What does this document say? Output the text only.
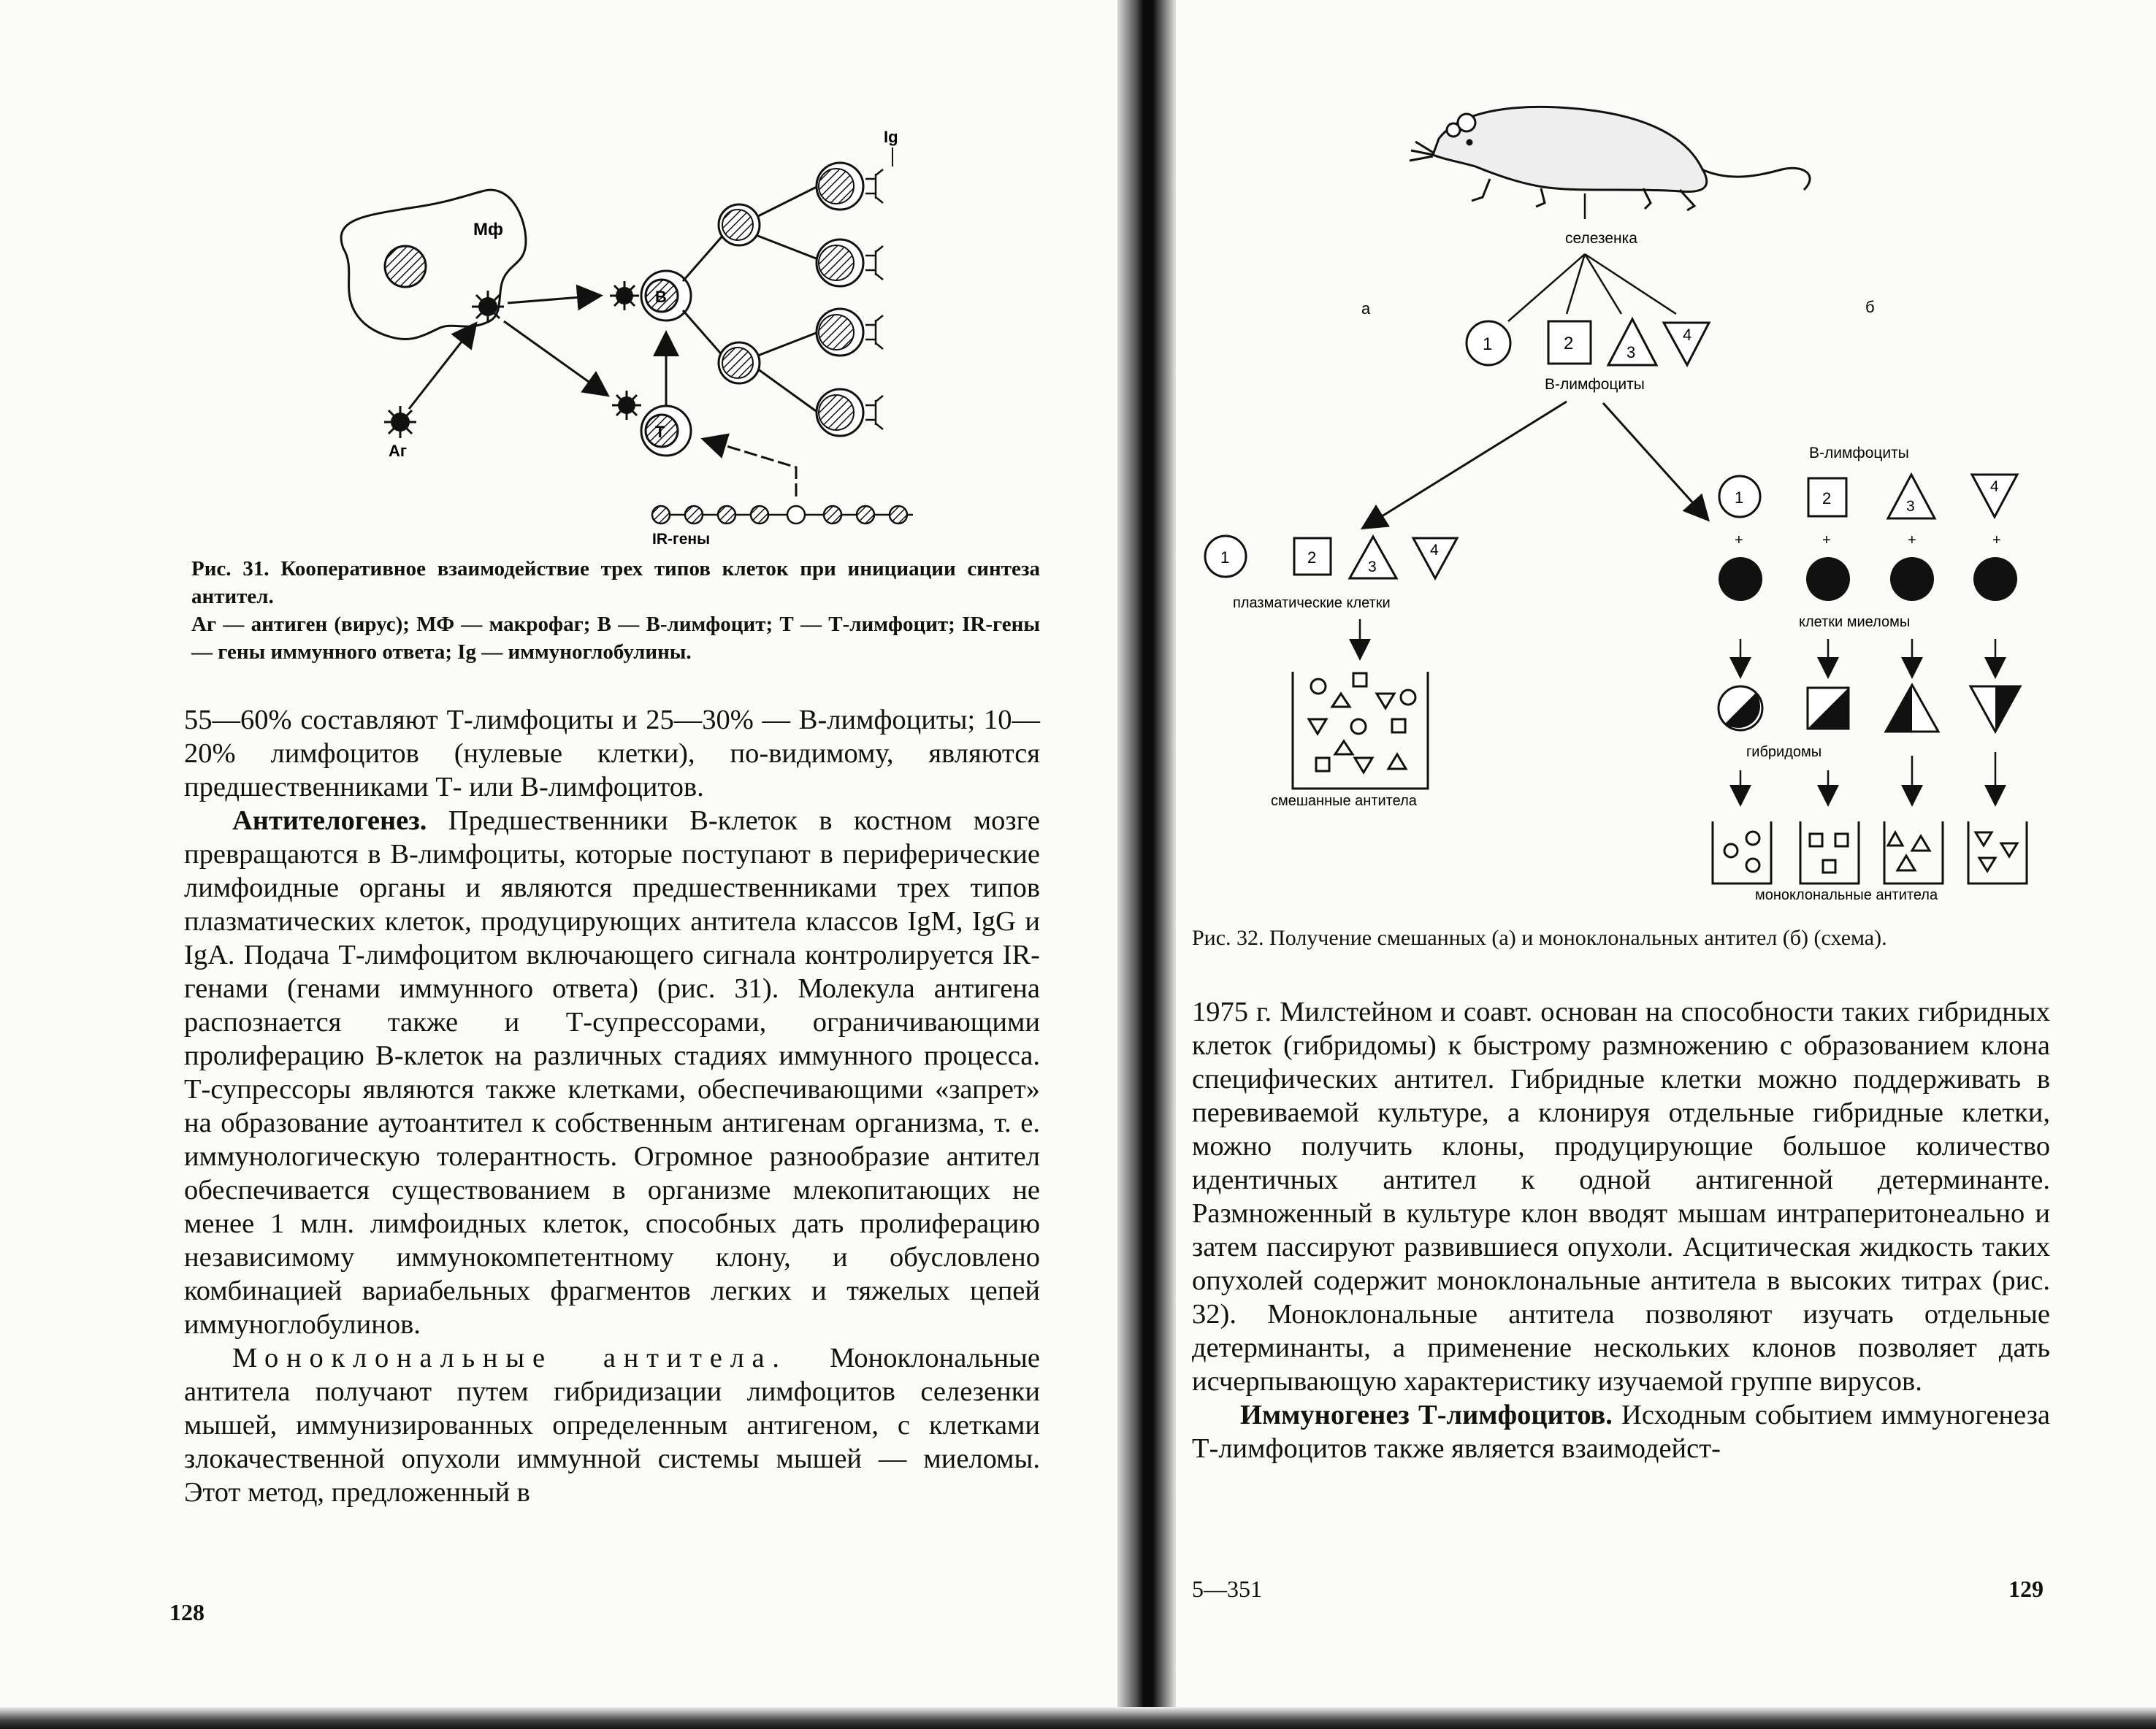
Мф
Аг
В
Т
Ig
IR-гены
Рис. 31. Кооперативное взаимодействие трех типов клеток при инициации синтеза антител.
Аг — антиген (вирус); МФ — макрофаг; В — В-лимфоцит; Т — Т-лимфоцит; IR-гены — гены иммунного ответа; Ig — иммуноглобулины.

55—60% составляют Т-лимфоциты и 25—30% — В-лимфоциты; 10—20% лимфоцитов (нулевые клетки), по-видимому, являются предшественниками Т- или В-лимфоцитов.

Антителогенез. Предшественники В-клеток в костном мозге превращаются в В-лимфоциты, которые поступают в периферические лимфоидные органы и являются предшественниками трех типов плазматических клеток, продуцирующих антитела классов IgM, IgG и IgA. Подача Т-лимфоцитом включающего сигнала контролируется IR-генами (генами иммунного ответа) (рис. 31). Молекула антигена распознается также и Т-супрессорами, ограничивающими пролиферацию В-клеток на различных стадиях иммунного процесса. Т-супрессоры являются также клетками, обеспечивающими «запрет» на образование аутоантител к собственным антигенам организма, т. е. иммунологическую толерантность. Огромное разнообразие антител обеспечивается существованием в организме млекопитающих не менее 1 млн. лимфоидных клеток, способных дать пролиферацию независимому иммунокомпетентному клону, и обусловлено комбинацией вариабельных фрагментов легких и тяжелых цепей иммуноглобулинов.

Моноклональные антитела. Моноклональные антитела получают путем гибридизации лимфоцитов селезенки мышей, иммунизированных определенным антигеном, с клетками злокачественной опухоли иммунной системы мышей — миеломы. Этот метод, предложенный в

128
селезенка
а	б
1	2	3
4
В-лимфоциты
1	2
3
4
плазматические клетки
смешанные антитела
В-лимфоциты
1	2	3
4
+	+	+	+
клетки миеломы
гибридомы
моноклональные антитела
Рис. 32. Получение смешанных (а) и моноклональных антител (б) (схема).

1975 г. Милстейном и соавт. основан на способности таких гибридных клеток (гибридомы) к быстрому размножению с образованием клона специфических антител. Гибридные клетки можно поддерживать в перевиваемой культуре, а клонируя отдельные гибридные клетки, можно получить клоны, продуцирующие большое количество идентичных антител к одной антигенной детерминанте. Размноженный в культуре клон вводят мышам интраперитонеально и затем пассируют развившиеся опухоли. Асцитическая жидкость таких опухолей содержит моноклональные антитела в высоких титрах (рис. 32). Моноклональные антитела позволяют изучать отдельные детерминанты, а применение нескольких клонов позволяет дать исчерпывающую характеристику изучаемой группе вирусов.

Иммуногенез Т-лимфоцитов. Исходным событием иммуногенеза Т-лимфоцитов также является взаимодейст-

5—351	129
